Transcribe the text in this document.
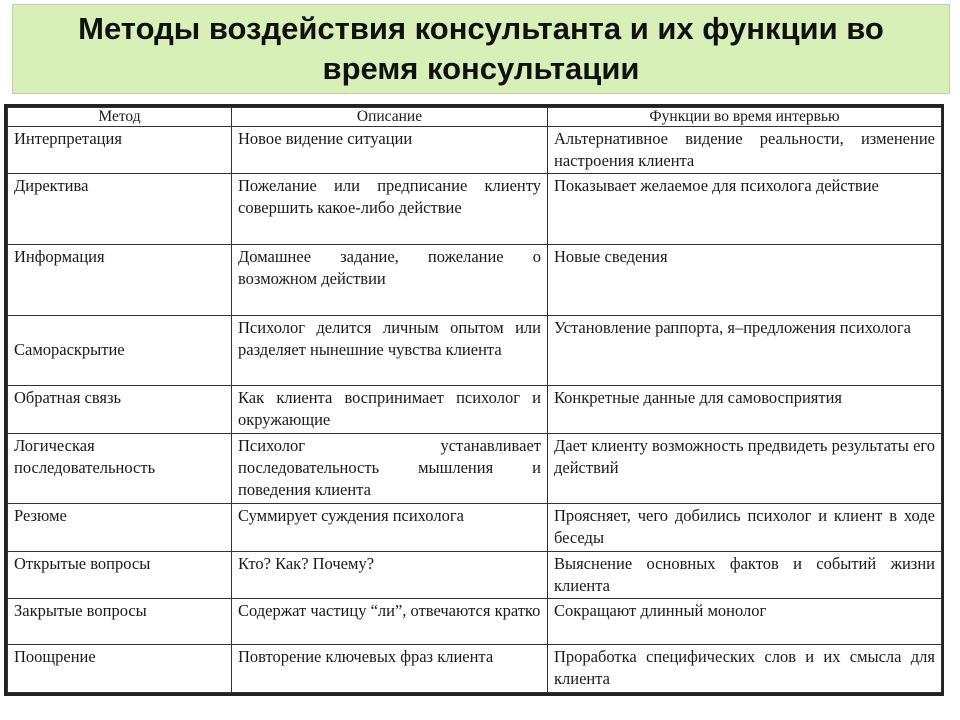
Методы воздействия консультанта и их функции во время консультации
Метод	Описание	Функции во время интервью
Интерпретация	Новое видение ситуации	Альтернативное видение реальности, изменение настроения клиента
Директива	Пожелание или предписание клиенту совершить какое-либо действие	Показывает желаемое для психолога действие
Информация	Домашнее задание, пожелание о возможном действии	Новые сведения
Самораскрытие	Психолог делится личным опытом или разделяет нынешние чувства клиента	Установление раппорта, я–предложения психолога
Обратная связь	Как клиента воспринимает психолог и окружающие	Конкретные данные для самовосприятия
Логическая последовательность	Психолог устанавливает последовательность мышления и поведения клиента	Дает клиенту возможность предвидеть результаты его действий
Резюме	Суммирует суждения психолога	Проясняет, чего добились психолог и клиент в ходе беседы
Открытые вопросы	Кто? Как? Почему?	Выяснение основных фактов и событий жизни клиента
Закрытые вопросы	Содержат частицу “ли”, отвечаются кратко	Сокращают длинный монолог
Поощрение	Повторение ключевых фраз клиента	Проработка специфических слов и их смысла для клиента
